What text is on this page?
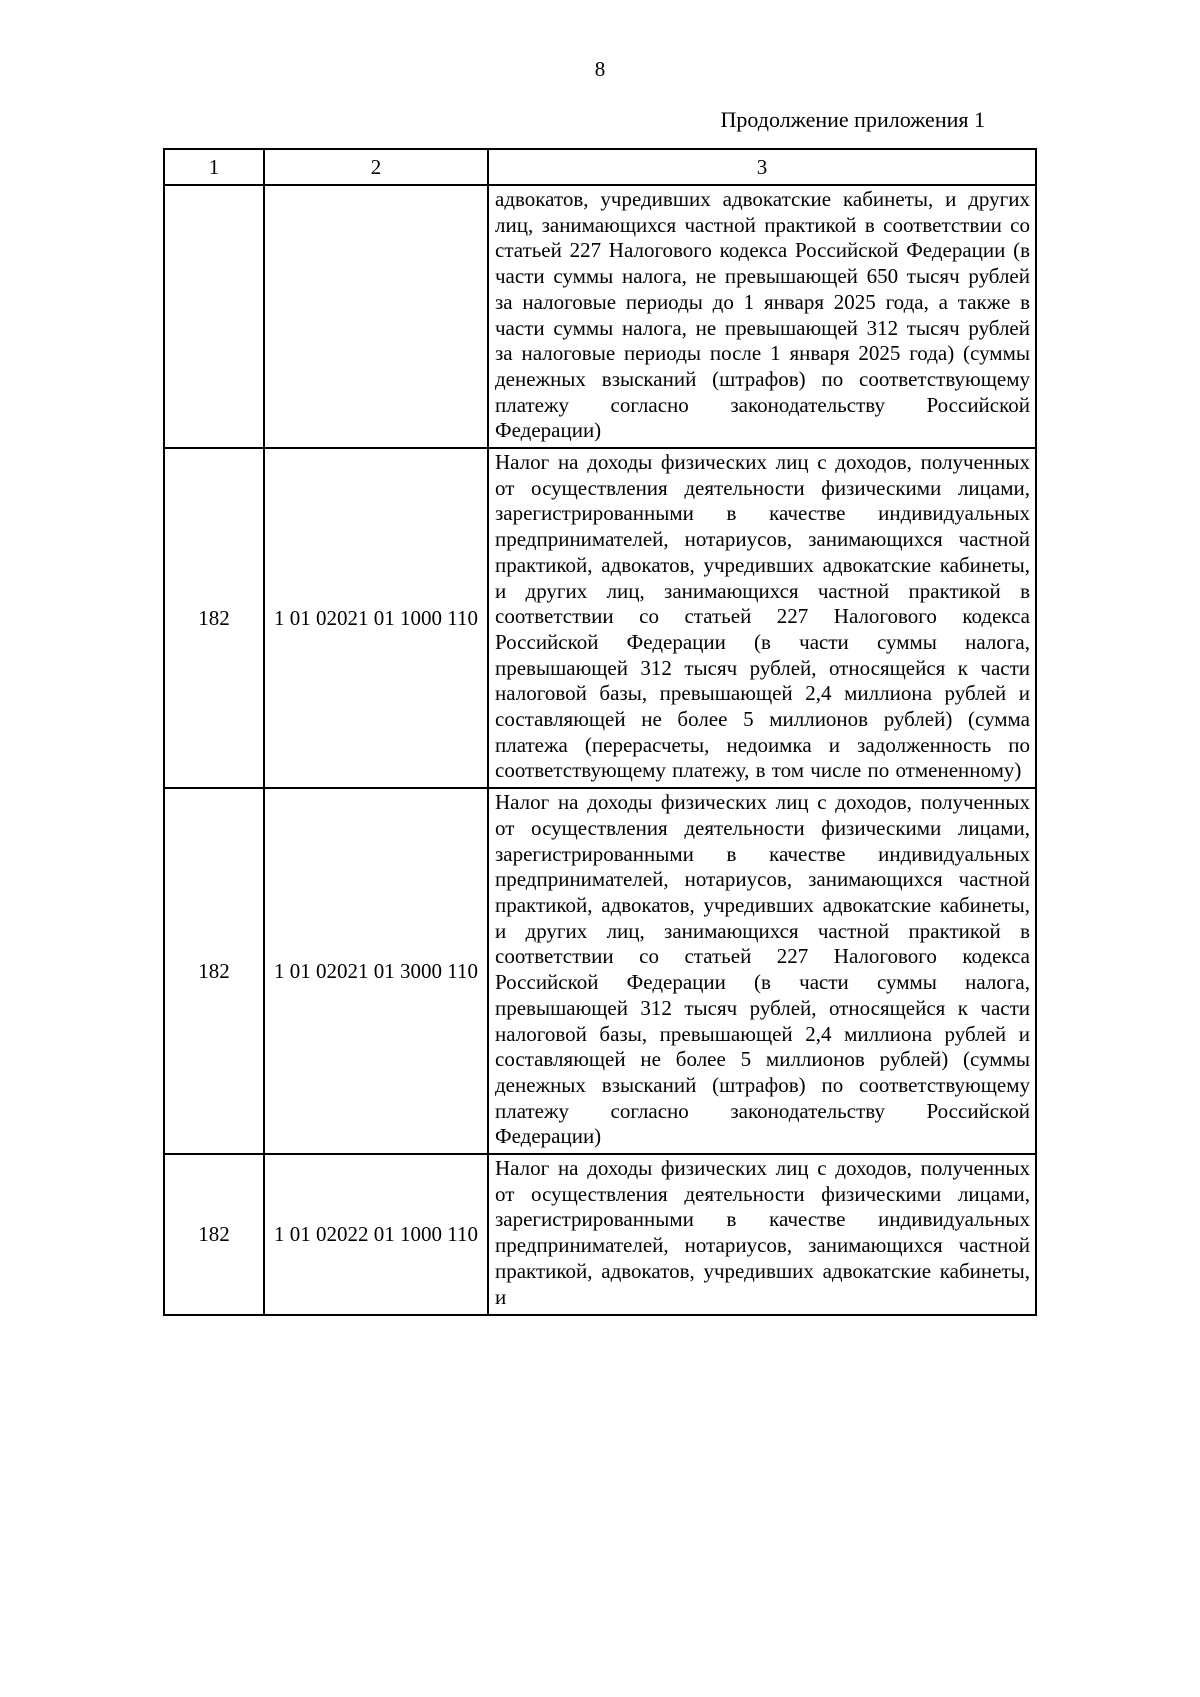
8
Продолжение приложения 1
1	2	3

		адвокатов, учредивших адвокатские кабинеты, и других лиц, занимающихся частной практикой в соответствии со статьей 227 Налогового кодекса Российской Федерации (в части суммы налога, не превышающей 650 тысяч рублей за налоговые периоды до 1 января 2025 года, а также в части суммы налога, не превышающей 312 тысяч рублей за налоговые периоды после 1 января 2025 года) (суммы денежных взысканий (штрафов) по соответствующему платежу согласно законодательству Российской Федерации)

182	1 01 02021 01 1000 110	Налог на доходы физических лиц с доходов, полученных от осуществления деятельности физическими лицами, зарегистрированными в качестве индивидуальных предпринимателей, нотариусов, занимающихся частной практикой, адвокатов, учредивших адвокатские кабинеты, и других лиц, занимающихся частной практикой в соответствии со статьей 227 Налогового кодекса Российской Федерации (в части суммы налога, превышающей 312 тысяч рублей, относящейся к части налоговой базы, превышающей 2,4 миллиона рублей и составляющей не более 5 миллионов рублей) (сумма платежа (перерасчеты, недоимка и задолженность по соответствующему платежу, в том числе по отмененному)

182	1 01 02021 01 3000 110	Налог на доходы физических лиц с доходов, полученных от осуществления деятельности физическими лицами, зарегистрированными в качестве индивидуальных предпринимателей, нотариусов, занимающихся частной практикой, адвокатов, учредивших адвокатские кабинеты, и других лиц, занимающихся частной практикой в соответствии со статьей 227 Налогового кодекса Российской Федерации (в части суммы налога, превышающей 312 тысяч рублей, относящейся к части налоговой базы, превышающей 2,4 миллиона рублей и составляющей не более 5 миллионов рублей) (суммы денежных взысканий (штрафов) по соответствующему платежу согласно законодательству Российской Федерации)

182	1 01 02022 01 1000 110	Налог на доходы физических лиц с доходов, полученных от осуществления деятельности физическими лицами, зарегистрированными в качестве индивидуальных предпринимателей, нотариусов, занимающихся частной практикой, адвокатов, учредивших адвокатские кабинеты, и
